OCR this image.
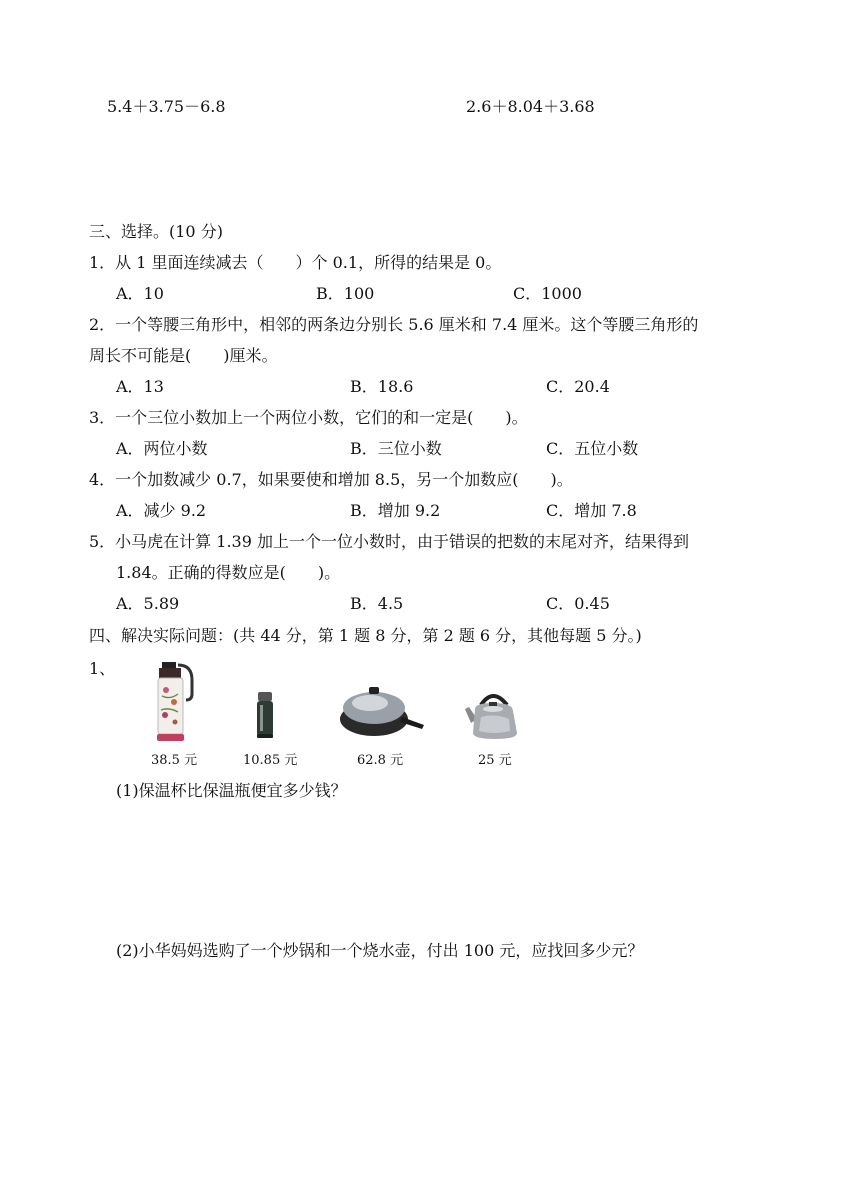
5.4＋3.75－6.8	2.6＋8.04＋3.68
三、选择。(10 分)
1．从 1 里面连续减去（　　）个 0.1，所得的结果是 0。
A．10	B．100	C．1000
2．一个等腰三角形中，相邻的两条边分别长 5.6 厘米和 7.4 厘米。这个等腰三角形的
周长不可能是(　　)厘米。
A．13	B．18.6	C．20.4
3．一个三位小数加上一个两位小数，它们的和一定是(　　)。
A．两位小数	B．三位小数	C．五位小数
4．一个加数减少 0.7，如果要使和增加 8.5，另一个加数应(　　)。
A．减少 9.2	B．增加 9.2	C．增加 7.8
5．小马虎在计算 1.39 加上一个一位小数时，由于错误的把数的末尾对齐，结果得到
1.84。正确的得数应是(　　)。
A．5.89	B．4.5	C．0.45
四、解决实际问题：(共 44 分，第 1 题 8 分，第 2 题 6 分，其他每题 5 分。)
1、
38.5 元	10.85 元	62.8 元	25 元
(1)保温杯比保温瓶便宜多少钱？
(2)小华妈妈选购了一个炒锅和一个烧水壶，付出 100 元，应找回多少元？
